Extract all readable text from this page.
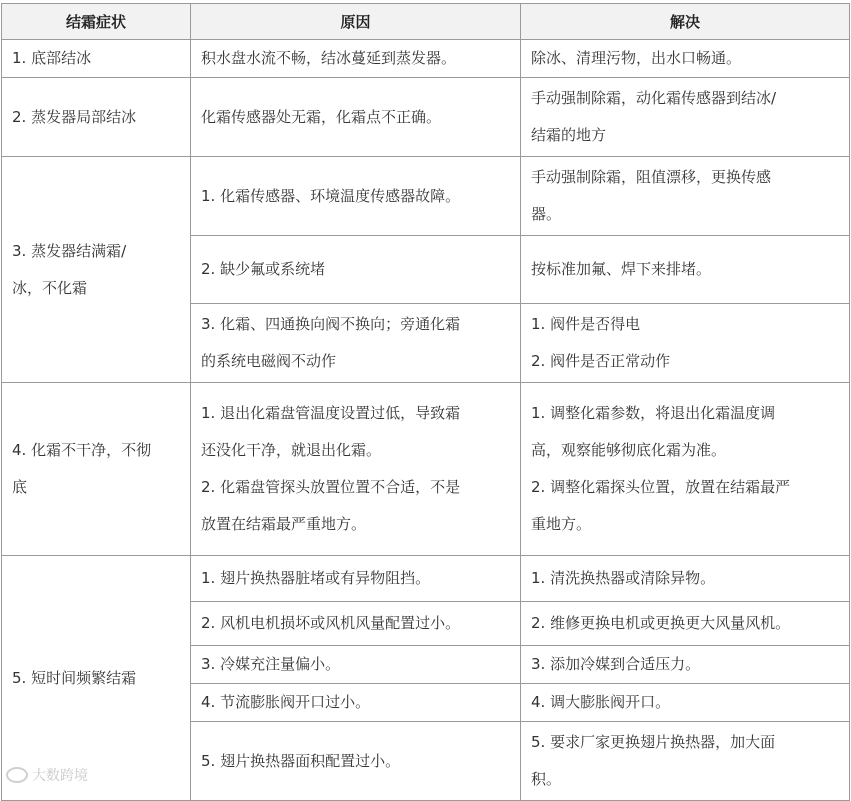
结霜症状	原因	解决
1. 底部结冰	积水盘水流不畅，结冰蔓延到蒸发器。	除冰、清理污物，出水口畅通。
2. 蒸发器局部结冰	化霜传感器处无霜，化霜点不正确。	手动强制除霜，动化霜传感器到结冰/
结霜的地方

3. 蒸发器结满霜/
冰，不化霜	1. 化霜传感器、环境温度传感器故障。	手动强制除霜，阻值漂移，更换传感
器。

	2. 缺少氟或系统堵	按标准加氟、焊下来排堵。

	3. 化霜、四通换向阀不换向；旁通化霜
的系统电磁阀不动作	1. 阀件是否得电
2. 阀件是否正常动作

4. 化霜不干净，不彻
底	1. 退出化霜盘管温度设置过低，导致霜
还没化干净，就退出化霜。
2. 化霜盘管探头放置位置不合适，不是
放置在结霜最严重地方。	1. 调整化霜参数，将退出化霜温度调
高，观察能够彻底化霜为准。
2. 调整化霜探头位置，放置在结霜最严
重地方。

5. 短时间频繁结霜	1. 翅片换热器脏堵或有异物阻挡。	1. 清洗换热器或清除异物。
	2. 风机电机损坏或风机风量配置过小。	2. 维修更换电机或更换更大风量风机。
	3. 冷媒充注量偏小。	3. 添加冷媒到合适压力。
	4. 节流膨胀阀开口过小。	4. 调大膨胀阀开口。
	5. 翅片换热器面积配置过小。	5. 要求厂家更换翅片换热器，加大面
积。
大数跨境
